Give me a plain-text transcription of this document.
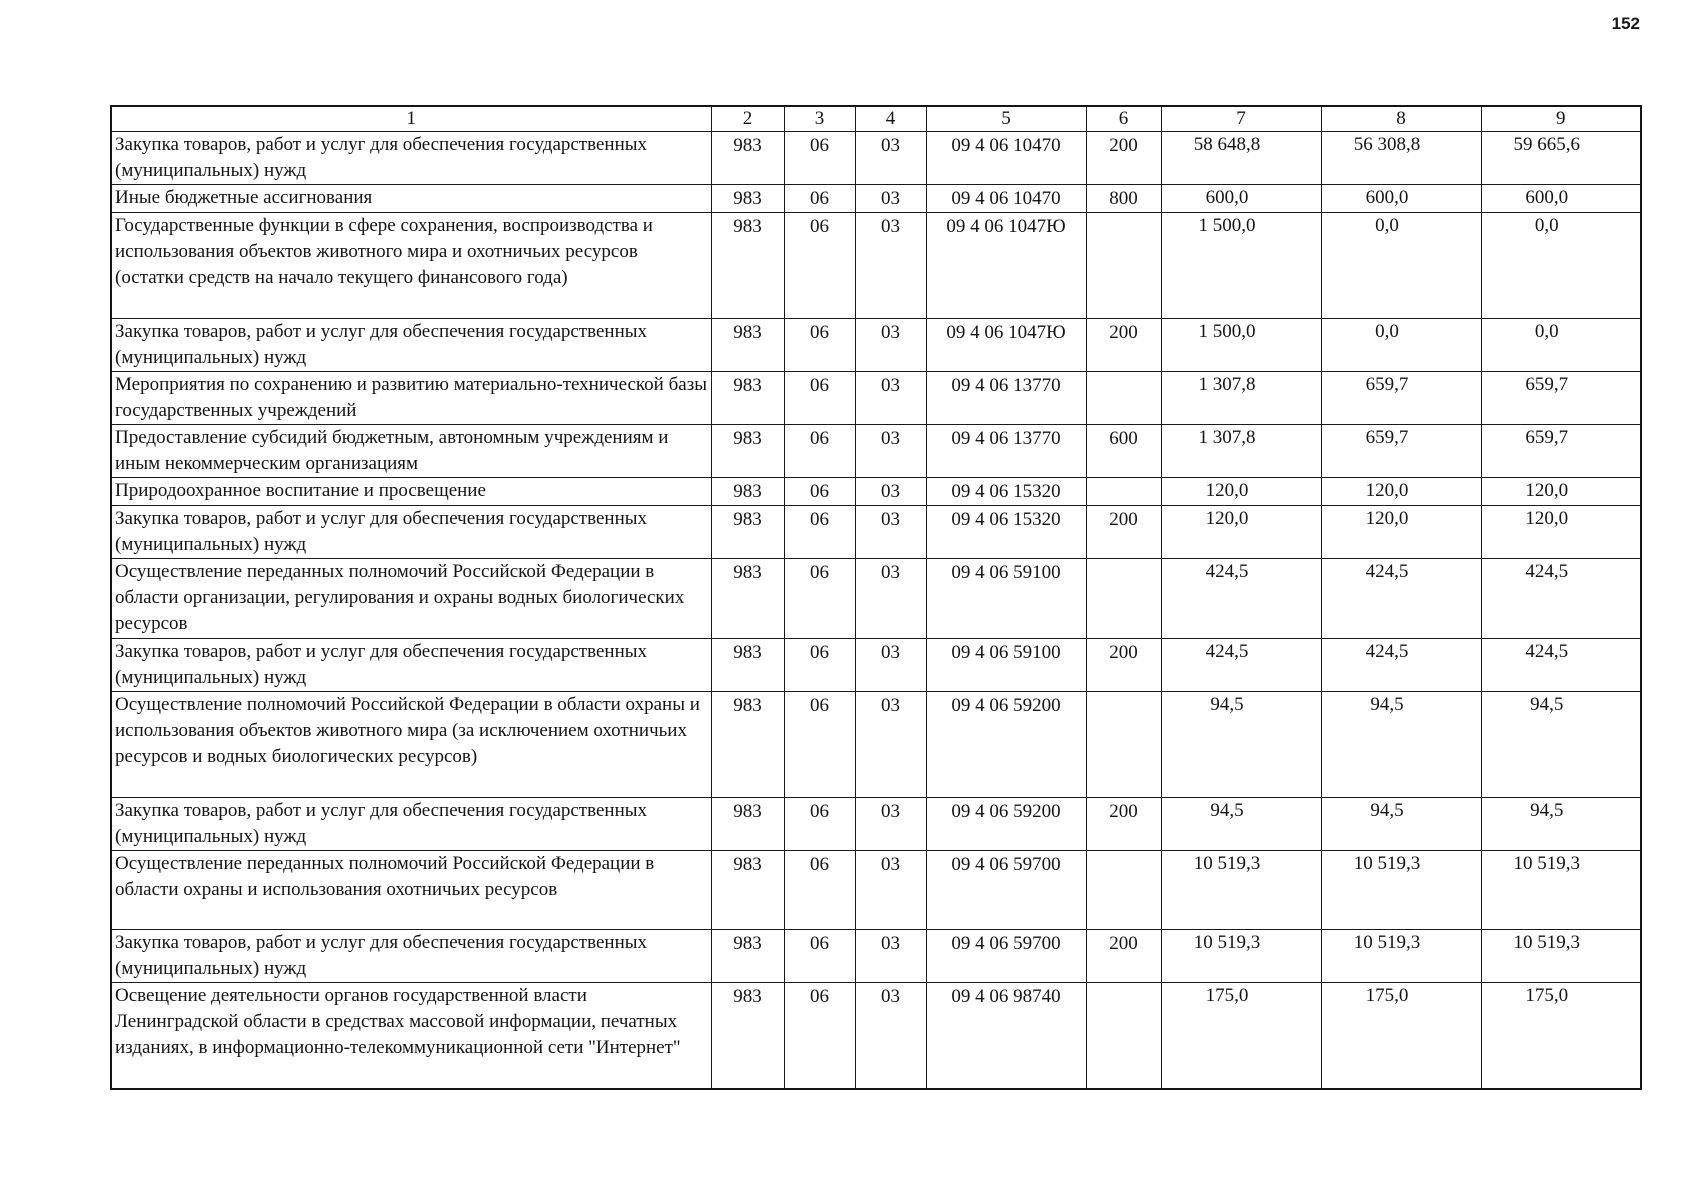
152
1	2	3	4	5	6	7	8	9
Закупка товаров, работ и услуг для обеспечения государственных (муниципальных) нужд	983	06	03	09 4 06 10470	200	58 648,8	56 308,8	59 665,6
Иные бюджетные ассигнования	983	06	03	09 4 06 10470	800	600,0	600,0	600,0
Государственные функции в сфере сохранения, воспроизводства и использования объектов животного мира и охотничьих ресурсов (остатки средств на начало текущего финансового года)	983	06	03	09 4 06 1047Ю		1 500,0	0,0	0,0
Закупка товаров, работ и услуг для обеспечения государственных (муниципальных) нужд	983	06	03	09 4 06 1047Ю	200	1 500,0	0,0	0,0
Мероприятия по сохранению и развитию материально-технической базы государственных учреждений	983	06	03	09 4 06 13770		1 307,8	659,7	659,7
Предоставление субсидий бюджетным, автономным учреждениям и иным некоммерческим организациям	983	06	03	09 4 06 13770	600	1 307,8	659,7	659,7
Природоохранное воспитание и просвещение	983	06	03	09 4 06 15320		120,0	120,0	120,0
Закупка товаров, работ и услуг для обеспечения государственных (муниципальных) нужд	983	06	03	09 4 06 15320	200	120,0	120,0	120,0
Осуществление переданных полномочий Российской Федерации в области организации, регулирования и охраны водных биологических ресурсов	983	06	03	09 4 06 59100		424,5	424,5	424,5
Закупка товаров, работ и услуг для обеспечения государственных (муниципальных) нужд	983	06	03	09 4 06 59100	200	424,5	424,5	424,5
Осуществление полномочий Российской Федерации в области охраны и использования объектов животного мира (за исключением охотничьих ресурсов и водных биологических ресурсов)	983	06	03	09 4 06 59200		94,5	94,5	94,5
Закупка товаров, работ и услуг для обеспечения государственных (муниципальных) нужд	983	06	03	09 4 06 59200	200	94,5	94,5	94,5
Осуществление переданных полномочий Российской Федерации в области охраны и использования охотничьих ресурсов	983	06	03	09 4 06 59700		10 519,3	10 519,3	10 519,3
Закупка товаров, работ и услуг для обеспечения государственных (муниципальных) нужд	983	06	03	09 4 06 59700	200	10 519,3	10 519,3	10 519,3
Освещение деятельности органов государственной власти Ленинградской области в средствах массовой информации, печатных изданиях, в информационно-телекоммуникационной сети "Интернет"	983	06	03	09 4 06 98740		175,0	175,0	175,0
